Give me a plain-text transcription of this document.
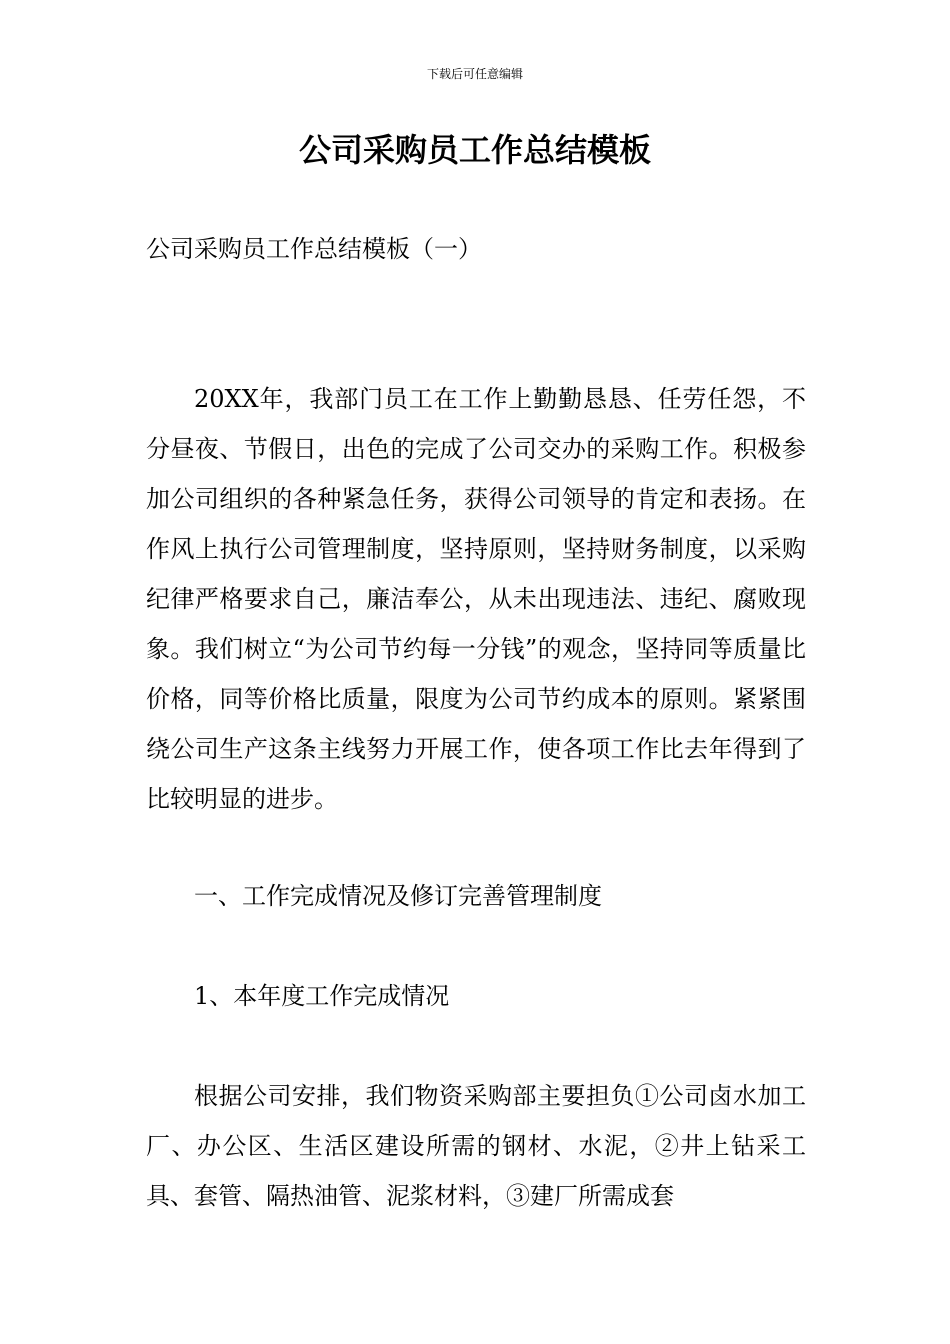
下载后可任意编辑
公司采购员工作总结模板

公司采购员工作总结模板（一）

20XX年，我部门员工在工作上勤勤恳恳、任劳任怨，不分昼夜、节假日，出色的完成了公司交办的采购工作。积极参加公司组织的各种紧急任务，获得公司领导的肯定和表扬。在作风上执行公司管理制度，坚持原则，坚持财务制度，以采购纪律严格要求自己，廉洁奉公，从未出现违法、违纪、腐败现象。我们树立“为公司节约每一分钱”的观念，坚持同等质量比价格，同等价格比质量，限度为公司节约成本的原则。紧紧围绕公司生产这条主线努力开展工作，使各项工作比去年得到了比较明显的进步。

一、工作完成情况及修订完善管理制度

1、本年度工作完成情况

根据公司安排，我们物资采购部主要担负①公司卤水加工厂、办公区、生活区建设所需的钢材、水泥，②井上钻采工具、套管、隔热油管、泥浆材料，③建厂所需成套
